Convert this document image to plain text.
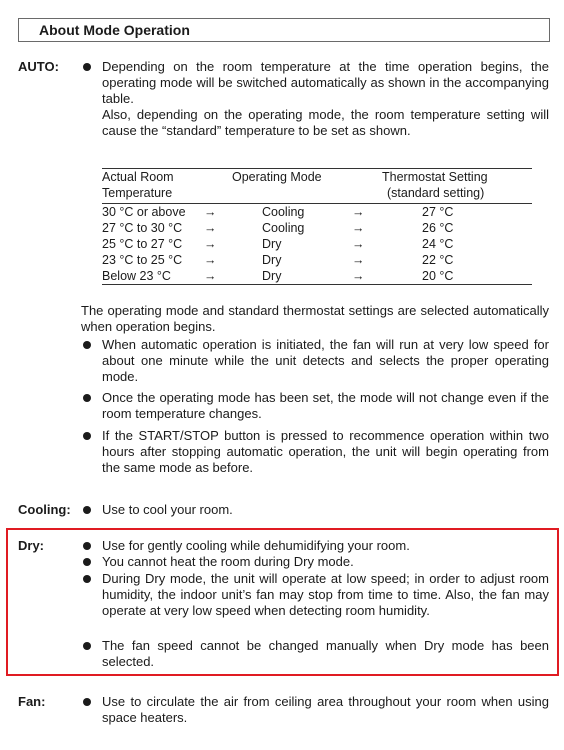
About Mode Operation
AUTO:	Depending on the room temperature at the time operation begins, the operating mode will be switched automatically as shown in the accompanying table.
Also, depending on the operating mode, the room temperature setting will cause the “standard” temperature to be set as shown.
Actual Room
Temperature
Operating Mode	Thermostat Setting
(standard setting)
30 °C or above →	Cooling	→	27 °C
27 °C to 30 °C →	Cooling	→	26 °C
25 °C to 27 °C →	Dry	→	24 °C
23 °C to 25 °C →	Dry	→	22 °C
Below 23 °C	→	Dry	→	20 °C
The operating mode and standard thermostat settings are selected automatically when operation begins.
When automatic operation is initiated, the fan will run at very low speed for about one minute while the unit detects and selects the proper operating mode.
Once the operating mode has been set, the mode will not change even if the room temperature changes.
If the START/STOP button is pressed to recommence operation within two hours after stopping automatic operation, the unit will begin operating from the same mode as before.
Cooling: Use to cool your room.
Dry:	Use for gently cooling while dehumidifying your room.
You cannot heat the room during Dry mode.
During Dry mode, the unit will operate at low speed; in order to adjust room humidity, the indoor unit’s fan may stop from time to time. Also, the fan may operate at very low speed when detecting room humidity.
The fan speed cannot be changed manually when Dry mode has been selected.
Fan:	Use to circulate the air from ceiling area throughout your room when using space heaters.
